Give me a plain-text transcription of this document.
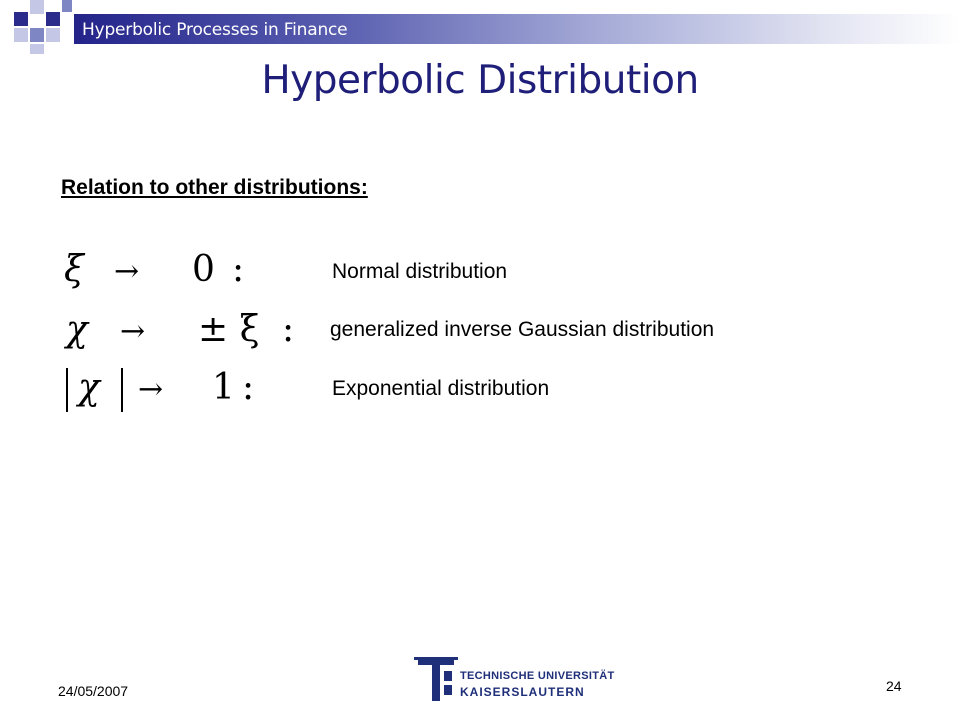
Hyperbolic Processes in Finance
Hyperbolic Distribution
Relation to other distributions:
ξ → 0 :	Normal distribution
χ → ± ξ : generalized inverse Gaussian distribution
χ → 1 :	Exponential distribution
24/05/2007	24
TECHNISCHE UNIVERSITÄT
KAISERSLAUTERN
